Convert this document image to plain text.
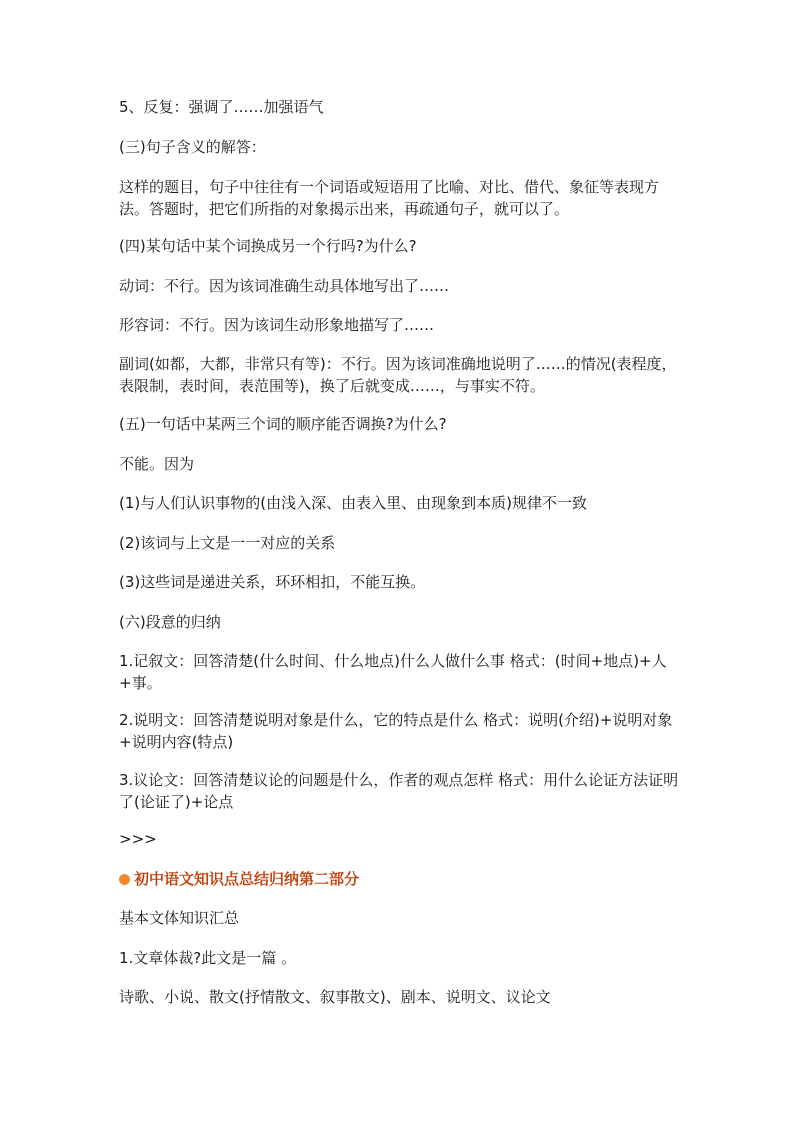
5、反复：强调了……加强语气

(三)句子含义的解答：

这样的题目，句子中往往有一个词语或短语用了比喻、对比、借代、象征等表现方法。答题时，把它们所指的对象揭示出来，再疏通句子，就可以了。

(四)某句话中某个词换成另一个行吗?为什么?

动词：不行。因为该词准确生动具体地写出了……

形容词：不行。因为该词生动形象地描写了……

副词(如都，大都，非常只有等)：不行。因为该词准确地说明了……的情况(表程度，表限制，表时间，表范围等)，换了后就变成……，与事实不符。

(五)一句话中某两三个词的顺序能否调换?为什么?

不能。因为

(1)与人们认识事物的(由浅入深、由表入里、由现象到本质)规律不一致

(2)该词与上文是一一对应的关系

(3)这些词是递进关系，环环相扣，不能互换。

(六)段意的归纳

1.记叙文：回答清楚(什么时间、什么地点)什么人做什么事 格式：(时间+地点)+人+事。

2.说明文：回答清楚说明对象是什么，它的特点是什么 格式：说明(介绍)+说明对象+说明内容(特点)

3.议论文：回答清楚议论的问题是什么，作者的观点怎样 格式：用什么论证方法证明了(论证了)+论点

>>>

初中语文知识点总结归纳第二部分

基本文体知识汇总

1.文章体裁?此文是一篇 。

诗歌、小说、散文(抒情散文、叙事散文)、剧本、说明文、议论文
